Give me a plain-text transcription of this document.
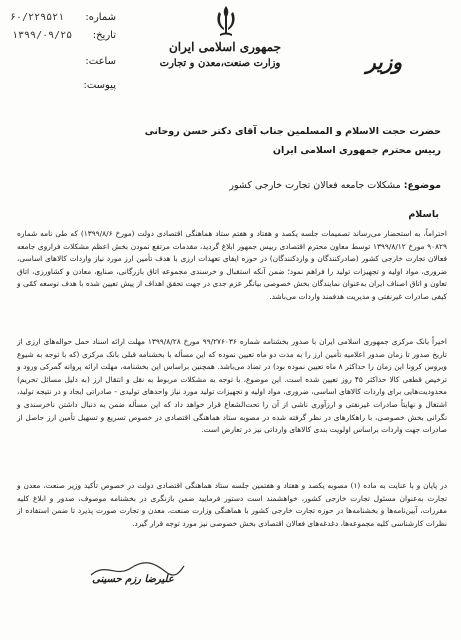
جمهوری اسلامی ایران
وزارت صنعت،معدن و تجارت	وزیر
شماره:
۶۰/۲۲۹۵۲۱
تاریخ:
۱۳۹۹/۰۹/۲۵
ساعت:
پیوست:
حضرت حجت الاسلام و المسلمین جناب آقای دکتر حسن روحانی
رییس محترم جمهوری اسلامی ایران
موضوع: مشکلات جامعه فعالان تجارت خارجی کشور
باسلام
احتراماً، به استحضار می‌رساند تصمیمات جلسه یکصد و هفتاد و هفتم ستاد هماهنگی اقتصادی دولت (مورخ ۱۳۹۹/۸/۶) که طی نامه شماره ۹۰۸۲۹ مورخ ۱۳۹۹/۸/۱۲ توسط معاون محترم اقتصادی رییس جمهور ابلاغ گردید، مقدمات مرتفع نمودن بخش اعظم مشکلات فراروی جامعه فعالان تجارت خارجی کشور (صادرکنندگان و واردکنندگان) در حوزه ایفای تعهدات ارزی با هدف تأمین ارز مورد نیاز واردات کالاهای اساسی، ضروری، مواد اولیه و تجهیزات تولید را فراهم نمود؛ ضمن آنکه استقبال و خرسندی مجموعه اتاق بازرگانی، صنایع، معادن و کشاورزی، اتاق تعاون و اتاق اصناف ایران به‌عنوان نمایندگان بخش خصوصی بیانگر عزم جدی در جهت تحقق اهداف از پیش تعیین شده با هدف توسعه کمّی و کیفی صادرات غیرنفتی و مدیریت هدفمند واردات می‌باشد.
اخیراً بانک مرکزی جمهوری اسلامی ایران با صدور بخشنامه شماره ۹۹/۲۷۶۰۳۶ مورخ ۱۳۹۹/۸/۲۸ مهلت ارائه اسناد حمل حواله‌های ارزی از تاریخ صدور تا زمان صدور اعلامیه تأمین ارز را به مدت دو ماه تعیین نموده که این مسأله با بخشنامه قبلی بانک مرکزی (که با توجه به شیوع ویروس کرونا این زمان را حداکثر ۸ ماه تعیین نموده بود) در تضاد می‌باشد. همچنین براساس این بخشنامه، مهلت ارائه پروانه گمرکی ورود و ترخیص قطعی کالا حداکثر ۴۵ روز تعیین شده است. این موضوع، با توجه به مشکلات مربوط به نقل و انتقال ارز (به دلیل مسائل تحریم) محدودیت‌هایی برای واردات کالاهای اساسی، ضروری، مواد اولیه و تجهیزات تولید مورد نیاز واحدهای تولیدی - صادراتی ایجاد و در نتیجه تولید، اشتغال و نهایتاً صادرات غیرنفتی و ارزآوری ناشی از آن را تحت‌الشعاع قرار خواهد داد که این مسأله ضمن به دنبال داشتن ناخرسندی و نگرانی بخش خصوصی، با راهکارهای در نظر گرفته شده در مصوبه ستاد هماهنگی اقتصادی در خصوص تسریع و تسهیل تأمین ارز حاصل از صادرات جهت واردات براساس اولویت بندی کالاهای وارداتی نیز در تعارض است.
در پایان و با عنایت به ماده (۱) مصوبه یکصد و هفتاد و هفتمین جلسه ستاد هماهنگی اقتصادی دولت در خصوص تأکید وزیر صنعت، معدن و تجارت به‌عنوان مسئول تجارت خارجی کشور، خواهشمند است دستور فرمایید ضمن بازنگری در بخشنامه موصوف، صدور و ابلاغ کلیه مقررات، آیین‌نامه‌ها و بخشنامه‌ها در حوزه تجارت خارجی کشور با هماهنگی وزارت صنعت، معدن و تجارت صورت پذیرد تا ضمن استفاده از نظرات کارشناسی کلیه مجموعه‌ها، دغدغه‌های فعالان اقتصادی بخش خصوصی نیز مورد توجه قرار گیرد.
علیرضا رزم حسینی
